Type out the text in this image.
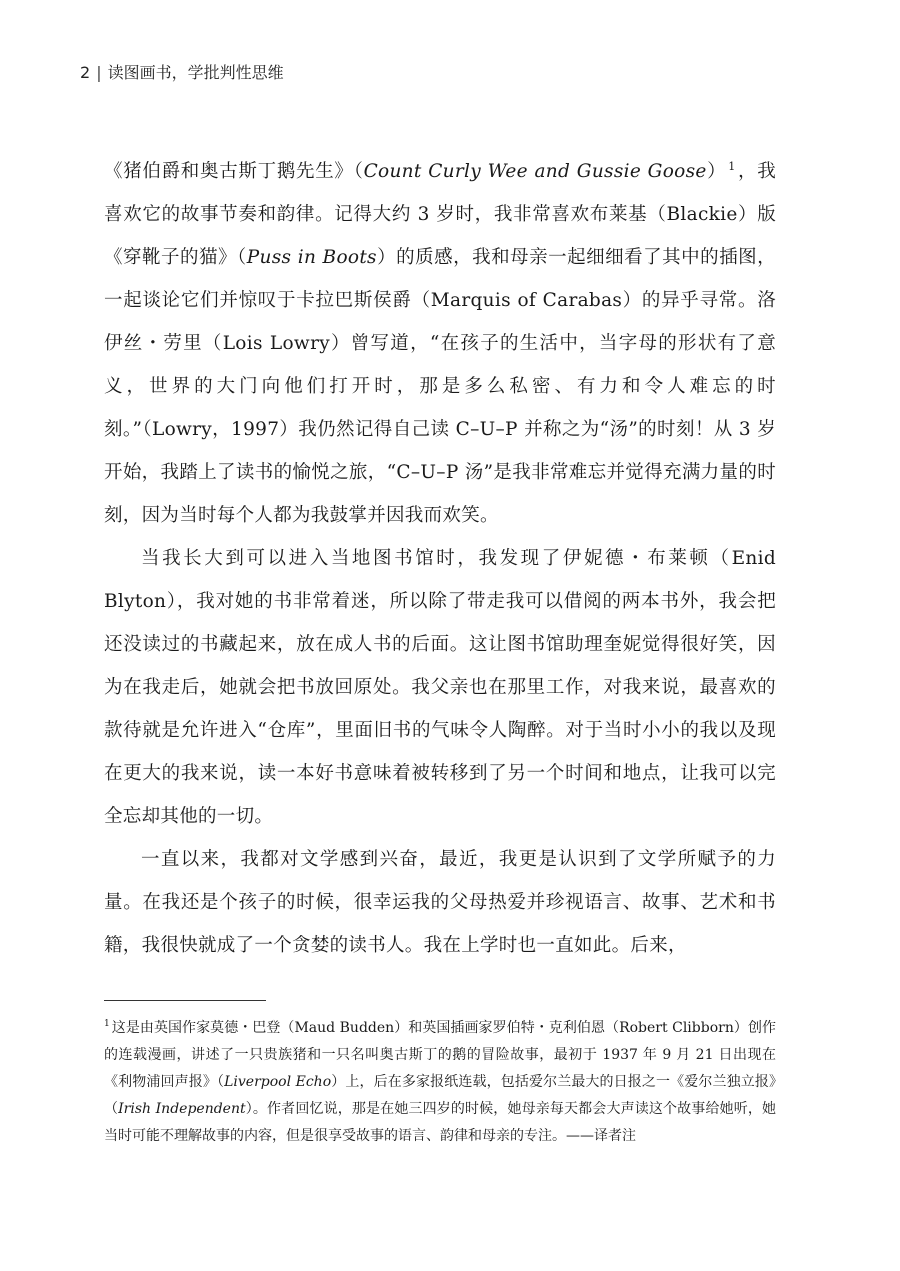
2 | 读图画书，学批判性思维

《猪伯爵和奥古斯丁鹅先生》（Count Curly Wee and Gussie Goose） $^1$ ，我喜欢它的故事节奏和韵律。记得大约 3 岁时，我非常喜欢布莱基（Blackie）版《穿靴子的猫》（Puss in Boots）的质感，我和母亲一起细细看了其中的插图，一起谈论它们并惊叹于卡拉巴斯侯爵（Marquis of Carabas）的异乎寻常。洛伊丝・劳里（Lois Lowry）曾写道，“在孩子的生活中，当字母的形状有了意义，世界的大门向他们打开时，那是多么私密、有力和令人难忘的时刻。”（Lowry，1997）我仍然记得自己读 C–U–P 并称之为“汤”的时刻！从 3 岁开始，我踏上了读书的愉悦之旅，“C–U–P 汤”是我非常难忘并觉得充满力量的时刻，因为当时每个人都为我鼓掌并因我而欢笑。

当我长大到可以进入当地图书馆时，我发现了伊妮德・布莱顿（Enid Blyton），我对她的书非常着迷，所以除了带走我可以借阅的两本书外，我会把还没读过的书藏起来，放在成人书的后面。这让图书馆助理奎妮觉得很好笑，因为在我走后，她就会把书放回原处。我父亲也在那里工作，对我来说，最喜欢的款待就是允许进入“仓库”，里面旧书的气味令人陶醉。对于当时小小的我以及现在更大的我来说，读一本好书意味着被转移到了另一个时间和地点，让我可以完全忘却其他的一切。

一直以来，我都对文学感到兴奋，最近，我更是认识到了文学所赋予的力量。在我还是个孩子的时候，很幸运我的父母热爱并珍视语言、故事、艺术和书籍，我很快就成了一个贪婪的读书人。我在上学时也一直如此。后来，

$^1$ 这是由英国作家莫德・巴登（Maud Budden）和英国插画家罗伯特・克利伯恩（Robert Clibborn）创作的连载漫画，讲述了一只贵族猪和一只名叫奥古斯丁的鹅的冒险故事，最初于 1937 年 9 月 21 日出现在《利物浦回声报》（Liverpool Echo）上，后在多家报纸连载，包括爱尔兰最大的日报之一《爱尔兰独立报》（Irish Independent）。作者回忆说，那是在她三四岁的时候，她母亲每天都会大声读这个故事给她听，她当时可能不理解故事的内容，但是很享受故事的语言、韵律和母亲的专注。——译者注
